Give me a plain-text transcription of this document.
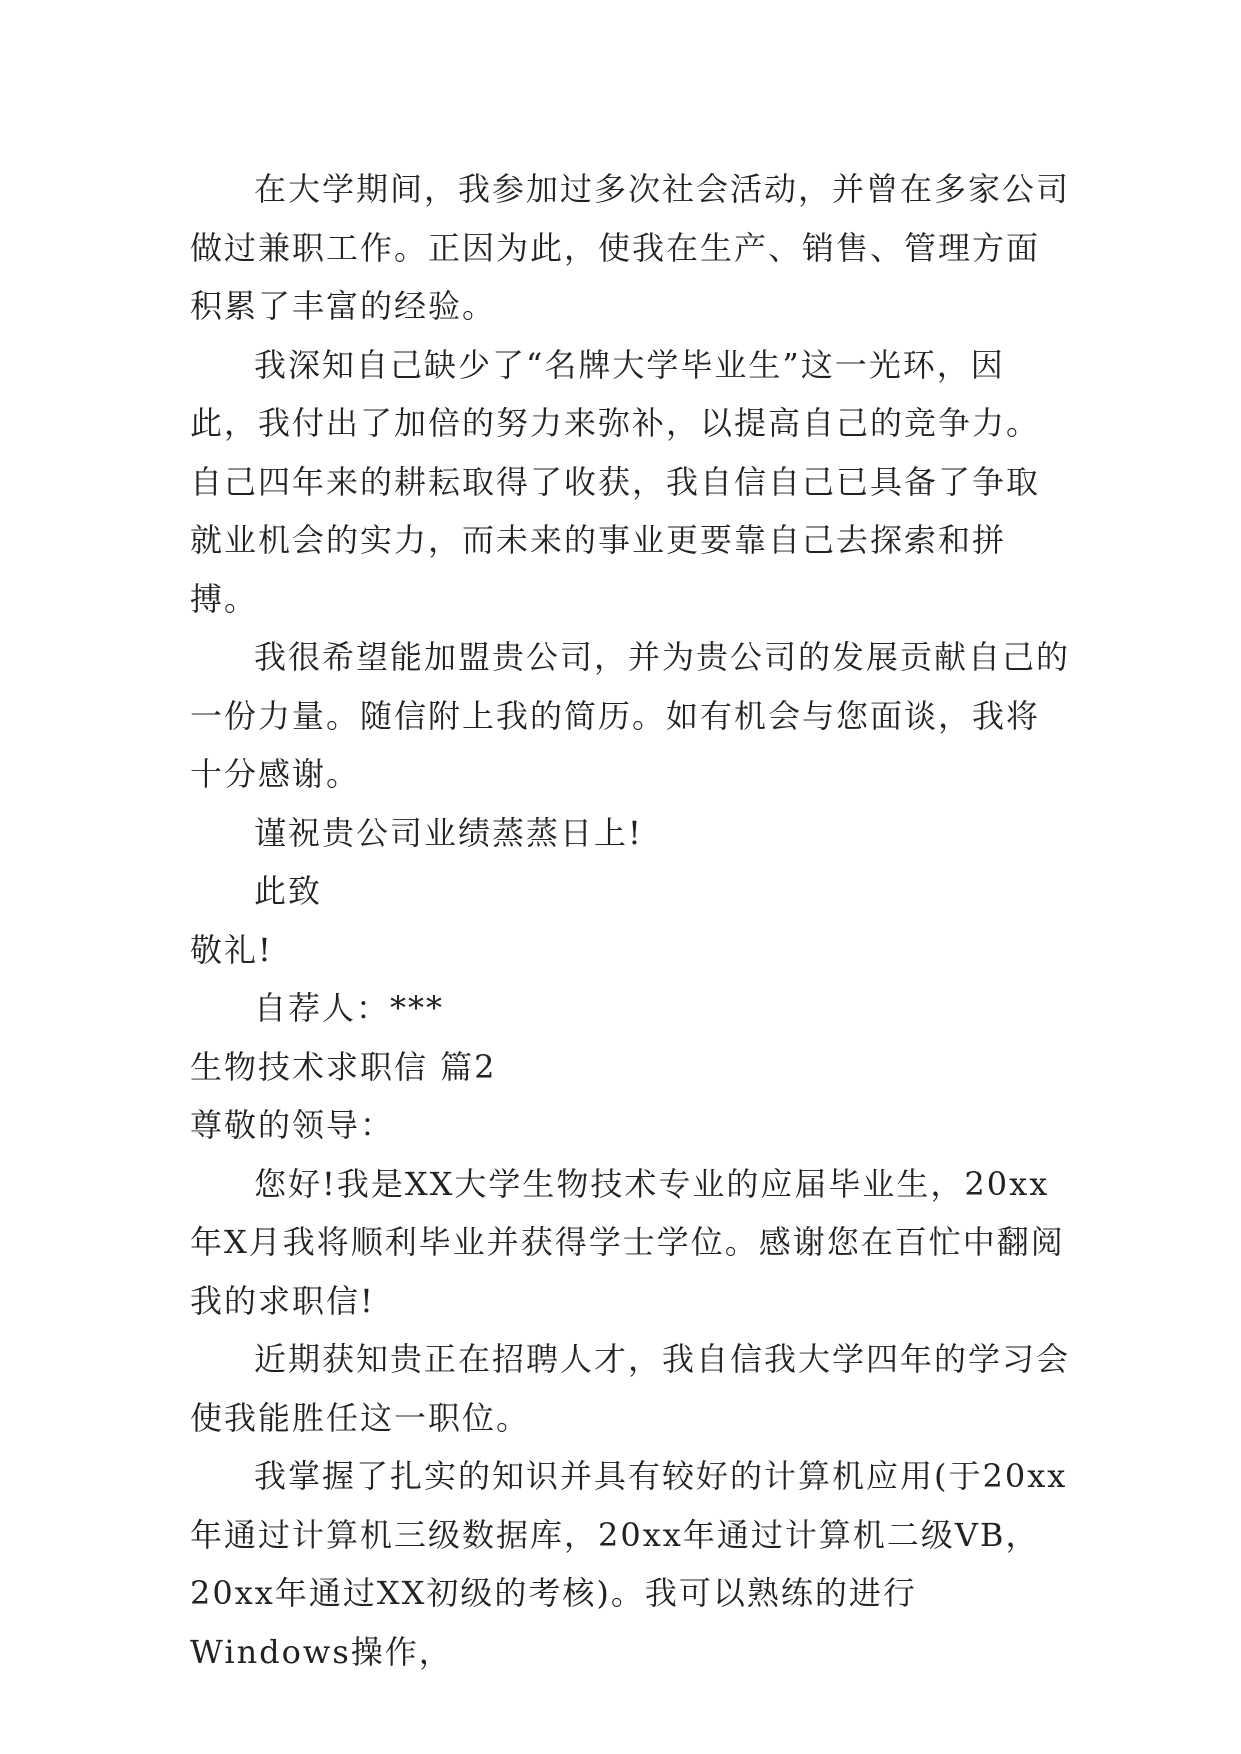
在大学期间，我参加过多次社会活动，并曾在多家公司做过兼职工作。正因为此，使我在生产、销售、管理方面积累了丰富的经验。

我深知自己缺少了“名牌大学毕业生”这一光环，因此，我付出了加倍的努力来弥补，以提高自己的竞争力。自己四年来的耕耘取得了收获，我自信自己已具备了争取就业机会的实力，而未来的事业更要靠自己去探索和拼搏。

我很希望能加盟贵公司，并为贵公司的发展贡献自己的一份力量。随信附上我的简历。如有机会与您面谈，我将十分感谢。

谨祝贵公司业绩蒸蒸日上!

此致

敬礼!

自荐人：***

生物技术求职信 篇2

尊敬的领导：

您好!我是XX大学生物技术专业的应届毕业生，20xx年X月我将顺利毕业并获得学士学位。感谢您在百忙中翻阅我的求职信!

近期获知贵正在招聘人才，我自信我大学四年的学习会使我能胜任这一职位。

我掌握了扎实的知识并具有较好的计算机应用(于20xx年通过计算机三级数据库，20xx年通过计算机二级VB，20xx年通过XX初级的考核)。我可以熟练的进行Windows操作，
